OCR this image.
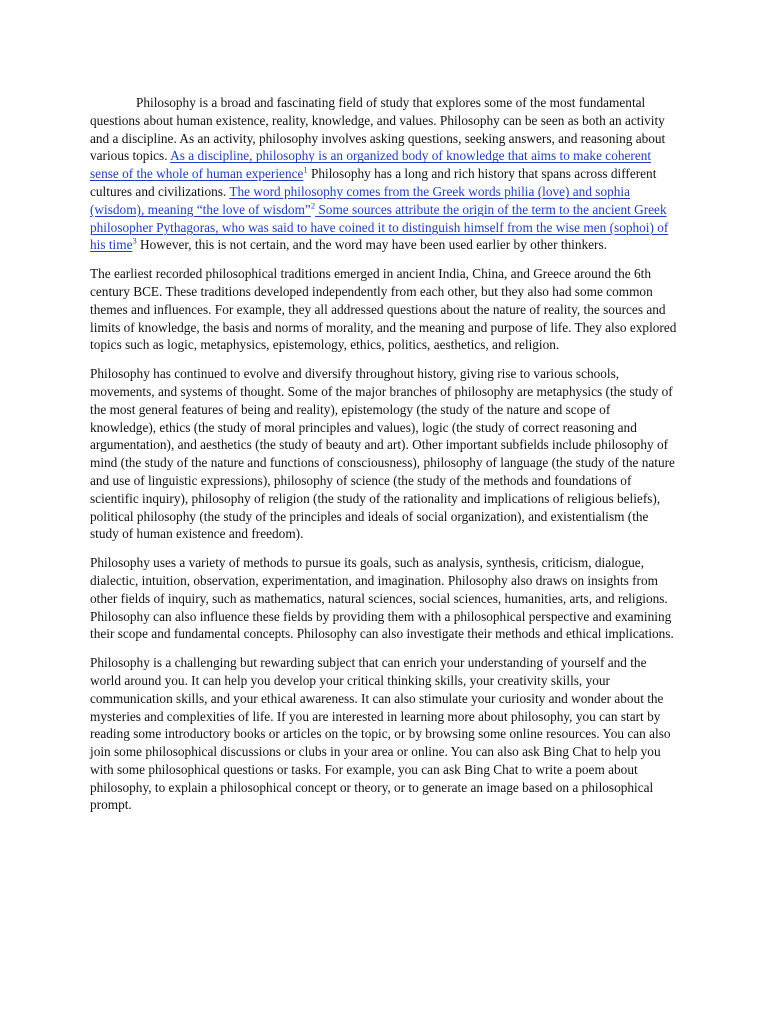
Philosophy is a broad and fascinating field of study that explores some of the most fundamental questions about human existence, reality, knowledge, and values. Philosophy can be seen as both an activity and a discipline. As an activity, philosophy involves asking questions, seeking answers, and reasoning about various topics. As a discipline, philosophy is an organized body of knowledge that aims to make coherent sense of the whole of human experience$^1$ Philosophy has a long and rich history that spans across different cultures and civilizations. The word philosophy comes from the Greek words philia (love) and sophia (wisdom), meaning “the love of wisdom”$^2$ Some sources attribute the origin of the term to the ancient Greek philosopher Pythagoras, who was said to have coined it to distinguish himself from the wise men (sophoi) of his time$^3$ However, this is not certain, and the word may have been used earlier by other thinkers.

The earliest recorded philosophical traditions emerged in ancient India, China, and Greece around the 6th century BCE. These traditions developed independently from each other, but they also had some common themes and influences. For example, they all addressed questions about the nature of reality, the sources and limits of knowledge, the basis and norms of morality, and the meaning and purpose of life. They also explored topics such as logic, metaphysics, epistemology, ethics, politics, aesthetics, and religion.

Philosophy has continued to evolve and diversify throughout history, giving rise to various schools, movements, and systems of thought. Some of the major branches of philosophy are metaphysics (the study of the most general features of being and reality), epistemology (the study of the nature and scope of knowledge), ethics (the study of moral principles and values), logic (the study of correct reasoning and argumentation), and aesthetics (the study of beauty and art). Other important subfields include philosophy of mind (the study of the nature and functions of consciousness), philosophy of language (the study of the nature and use of linguistic expressions), philosophy of science (the study of the methods and foundations of scientific inquiry), philosophy of religion (the study of the rationality and implications of religious beliefs), political philosophy (the study of the principles and ideals of social organization), and existentialism (the study of human existence and freedom).

Philosophy uses a variety of methods to pursue its goals, such as analysis, synthesis, criticism, dialogue, dialectic, intuition, observation, experimentation, and imagination. Philosophy also draws on insights from other fields of inquiry, such as mathematics, natural sciences, social sciences, humanities, arts, and religions. Philosophy can also influence these fields by providing them with a philosophical perspective and examining their scope and fundamental concepts. Philosophy can also investigate their methods and ethical implications.

Philosophy is a challenging but rewarding subject that can enrich your understanding of yourself and the world around you. It can help you develop your critical thinking skills, your creativity skills, your communication skills, and your ethical awareness. It can also stimulate your curiosity and wonder about the mysteries and complexities of life. If you are interested in learning more about philosophy, you can start by reading some introductory books or articles on the topic, or by browsing some online resources. You can also join some philosophical discussions or clubs in your area or online. You can also ask Bing Chat to help you with some philosophical questions or tasks. For example, you can ask Bing Chat to write a poem about philosophy, to explain a philosophical concept or theory, or to generate an image based on a philosophical prompt.
